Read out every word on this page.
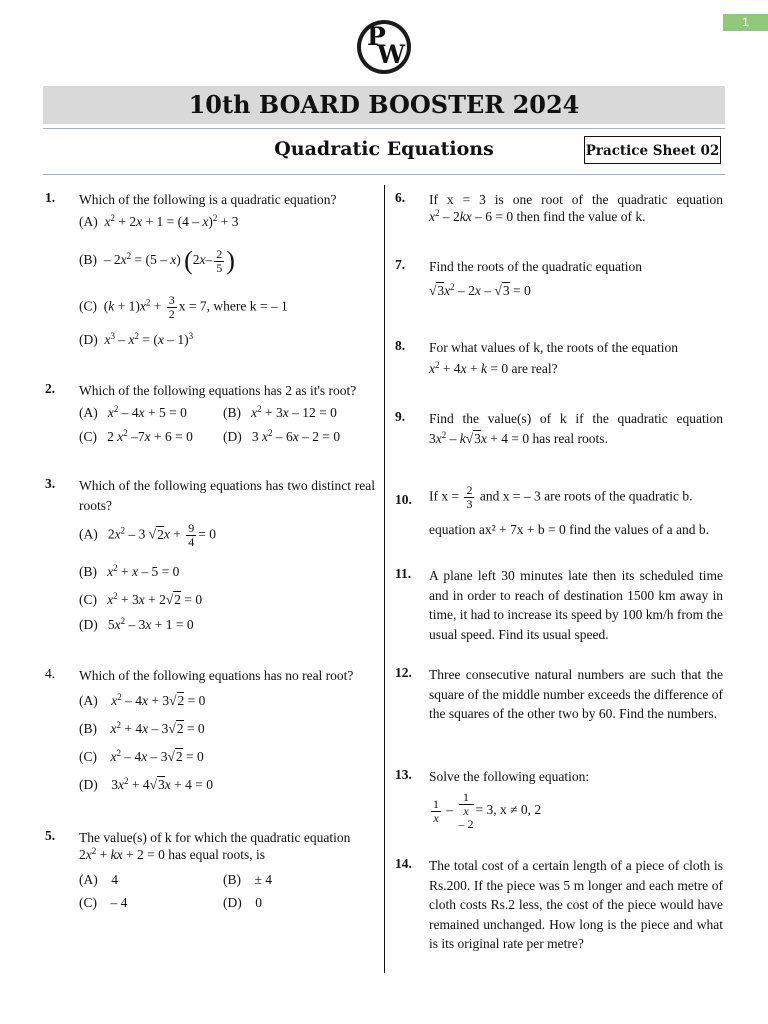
1
P
W
10th BOARD BOOSTER 2024
Quadratic Equations	Practice Sheet 02
1. Which of the following is a quadratic equation?
(A) $x^2 + 2x + 1 = (4 - x)^2 + 3$
$(B) - 2x^2 = (5 - x)$ ($2x- \frac{2}{5}$ )
(C)  $(k + 1)x^2 + \frac{3}{2}$ x = 7, where k = – 1
(D) $x^3 - x^2 = (x - 1)^3$
2. Which of the following equations has 2 as it's root?
(A) $x^2 - 4x + 5 = 0$	(B) $x^2 + 3x - 12 = 0$
(C)   2 $x^2$ –7x + 6 = 0 (D)   3 $x^2 - 6x - 2 = 0$
3. Which of the following equations has two distinct real roots?
(A)   $2x^2 - 3$ $√2x + \frac{9}{4} = 0$
(B) $x^2 + x - 5 = 0$
(C) $x^2 + 3x + 2√2 = 0$
(D)   $5x^2 - 3x + 1 = 0$
4. Which of the following equations has no real root?
(A) $x^2 - 4x + 3√2 = 0$
(B) $x^2 + 4x - 3√2 = 0$
(C) $x^2 - 4x - 3√2 = 0$
(D)    $3x^2 + 4√3x + 4 = 0$
5. The value(s) of k for which the quadratic equation
$2x^2$ + kx + 2 = 0 has equal roots, is
(A) 4	(B) ± 4
(C) – 4	(D) 0
6. If x = 3 is one root of the quadratic equation
$x^2 - 2kx - 6 = 0$ then find the value of k.
7. Find the roots of the quadratic equation
$√3x^2 - 2x - √3 = 0$
8. For what values of k, the roots of the equation
$x^2 + 4x + k = 0$ are real?
9. Find the value(s) of k if the quadratic equation
$3x^2 - k√3x + 4 = 0$ has real roots.
10. If $x = \frac{2}{3}$ and x = – 3 are roots of the quadratic b.
equation ax² + 7x + b = 0 find the values of a and b.
11. A plane left 30 minutes late then its scheduled time and in order to reach of destination 1500 km away in time, it had to increase its speed by 100 km/h from the usual speed. Find its usual speed.
12. Three consecutive natural numbers are such that the square of the middle number exceeds the difference of the squares of the other two by 60. Find the numbers.
13. Solve the following equation:
$\frac{1}{x} - 1$
x
– 2 = 3, x ≠ 0, 2
14. The total cost of a certain length of a piece of cloth is Rs.200. If the piece was 5 m longer and each metre of cloth costs Rs.2 less, the cost of the piece would have remained unchanged. How long is the piece and what is its original rate per metre?
